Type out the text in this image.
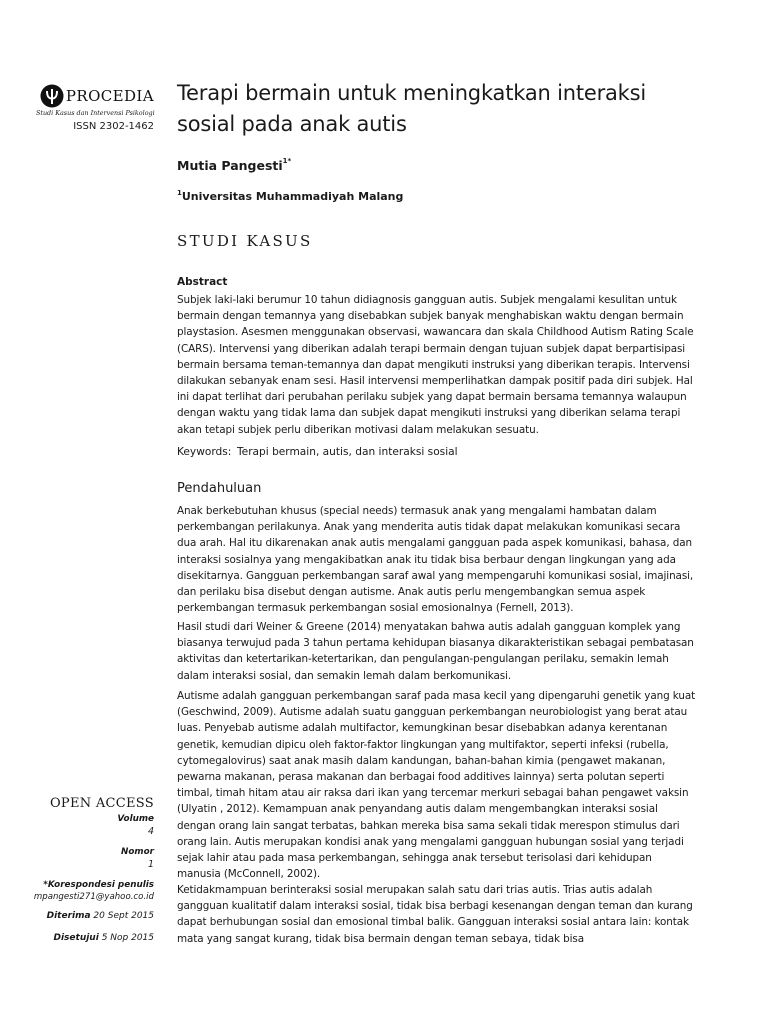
PROCEDIA
Studi Kasus dan Intervensi Psikologi
ISSN 2302-1462
OPEN ACCESS
Volume
4
Nomor
1
*Korespondesi penulis
mpangesti271@yahoo.co.id
Diterima 20 Sept 2015
Disetujui 5 Nop 2015
Terapi bermain untuk meningkatkan interaksi sosial pada anak autis

Mutia Pangesti$^{1*}$

$^1$Universitas Muhammadiyah Malang

STUDI KASUS
Abstract

Subjek laki-laki berumur 10 tahun didiagnosis gangguan autis. Subjek mengalami kesulitan untuk bermain dengan temannya yang disebabkan subjek banyak menghabiskan waktu dengan bermain playstasion. Asesmen menggunakan observasi, wawancara dan skala Childhood Autism Rating Scale (CARS). Intervensi yang diberikan adalah terapi bermain dengan tujuan subjek dapat berpartisipasi bermain bersama teman-temannya dan dapat mengikuti instruksi yang diberikan terapis. Intervensi dilakukan sebanyak enam sesi. Hasil intervensi memperlihatkan dampak positif pada diri subjek. Hal ini dapat terlihat dari perubahan perilaku subjek yang dapat bermain bersama temannya walaupun dengan waktu yang tidak lama dan subjek dapat mengikuti instruksi yang diberikan selama terapi akan tetapi subjek perlu diberikan motivasi dalam melakukan sesuatu.

Keywords: Terapi bermain, autis, dan interaksi sosial

Pendahuluan

Anak berkebutuhan khusus (special needs) termasuk anak yang mengalami hambatan dalam perkembangan perilakunya. Anak yang menderita autis tidak dapat melakukan komunikasi secara dua arah. Hal itu dikarenakan anak autis mengalami gangguan pada aspek komunikasi, bahasa, dan interaksi sosialnya yang mengakibatkan anak itu tidak bisa berbaur dengan lingkungan yang ada disekitarnya. Gangguan perkembangan saraf awal yang mempengaruhi komunikasi sosial, imajinasi, dan perilaku bisa disebut dengan autisme. Anak autis perlu mengembangkan semua aspek perkembangan termasuk perkembangan sosial emosionalnya (Fernell, 2013).

Hasil studi dari Weiner & Greene (2014) menyatakan bahwa autis adalah gangguan komplek yang biasanya terwujud pada 3 tahun pertama kehidupan biasanya dikarakteristikan sebagai pembatasan aktivitas dan ketertarikan-ketertarikan, dan pengulangan-pengulangan perilaku, semakin lemah dalam interaksi sosial, dan semakin lemah dalam berkomunikasi.

Autisme adalah gangguan perkembangan saraf pada masa kecil yang dipengaruhi genetik yang kuat (Geschwind, 2009). Autisme adalah suatu gangguan perkembangan neurobiologist yang berat atau luas. Penyebab autisme adalah multifactor, kemungkinan besar disebabkan adanya kerentanan genetik, kemudian dipicu oleh faktor-faktor lingkungan yang multifaktor, seperti infeksi (rubella, cytomegalovirus) saat anak masih dalam kandungan, bahan-bahan kimia (pengawet makanan, pewarna makanan, perasa makanan dan berbagai food additives lainnya) serta polutan seperti timbal, timah hitam atau air raksa dari ikan yang tercemar merkuri sebagai bahan pengawet vaksin (Ulyatin , 2012). Kemampuan anak penyandang autis dalam mengembangkan interaksi sosial dengan orang lain sangat terbatas, bahkan mereka bisa sama sekali tidak merespon stimulus dari orang lain. Autis merupakan kondisi anak yang mengalami gangguan hubungan sosial yang terjadi sejak lahir atau pada masa perkembangan, sehingga anak tersebut terisolasi dari kehidupan manusia (McConnell, 2002).

Ketidakmampuan berinteraksi sosial merupakan salah satu dari trias autis. Trias autis adalah gangguan kualitatif dalam interaksi sosial, tidak bisa berbagi kesenangan dengan teman dan kurang dapat berhubungan sosial dan emosional timbal balik. Gangguan interaksi sosial antara lain: kontak mata yang sangat kurang, tidak bisa bermain dengan teman sebaya, tidak bisa
